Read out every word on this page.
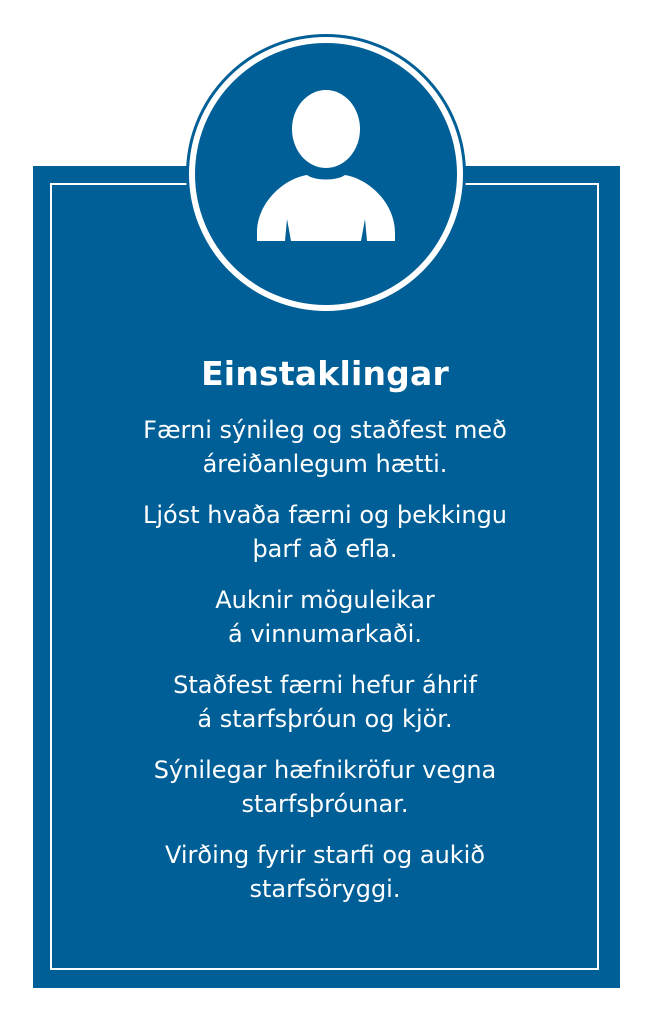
Einstaklingar
Færni sýnileg og staðfest með
áreiðanlegum hætti.
Ljóst hvaða færni og þekkingu
þarf að efla.
Auknir möguleikar
á vinnumarkaði.
Staðfest færni hefur áhrif
á starfsþróun og kjör.
Sýnilegar hæfnikröfur vegna
starfsþróunar.
Virðing fyrir starfi og aukið
starfsöryggi.
